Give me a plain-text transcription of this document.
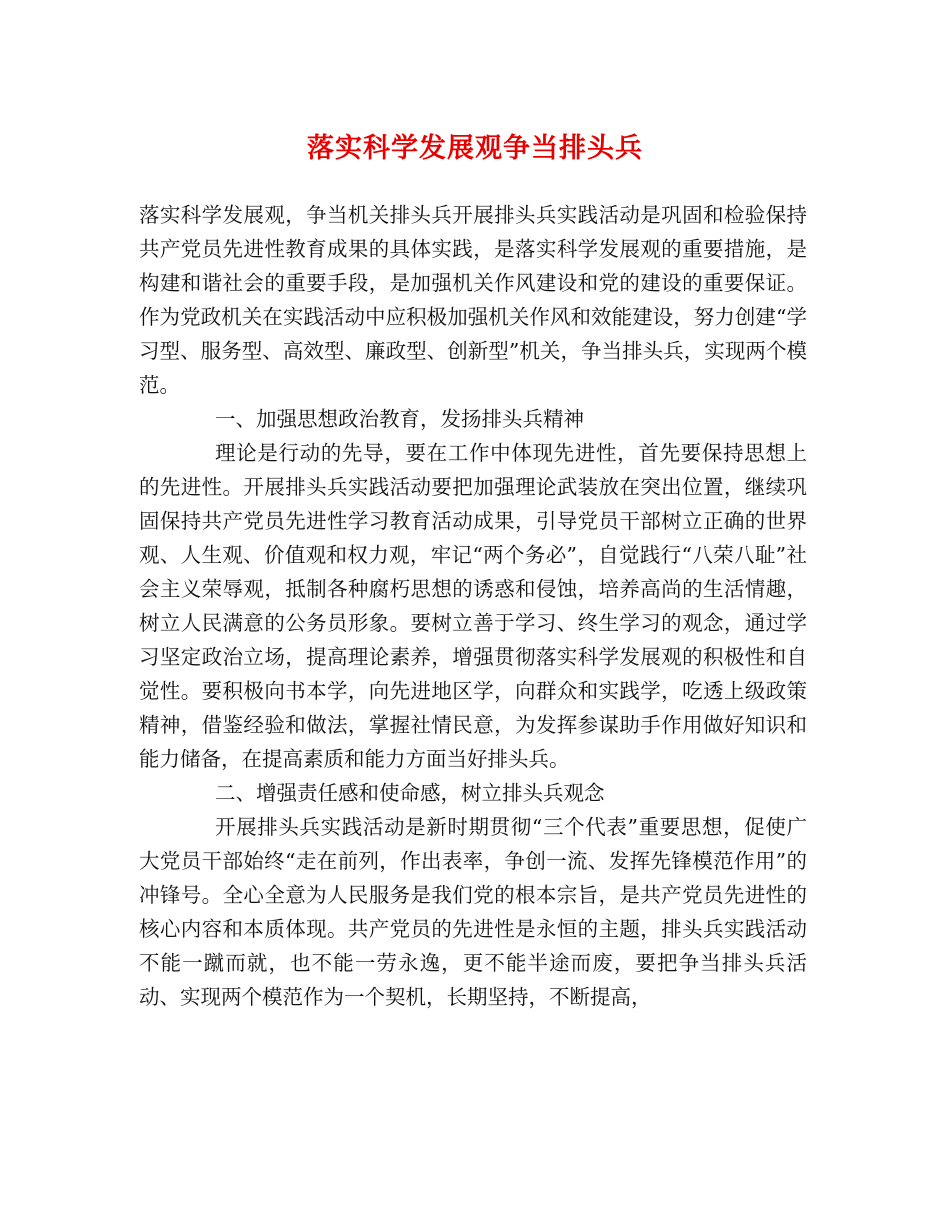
落实科学发展观争当排头兵

落实科学发展观，争当机关排头兵开展排头兵实践活动是巩固和检验保持共产党员先进性教育成果的具体实践，是落实科学发展观的重要措施，是构建和谐社会的重要手段，是加强机关作风建设和党的建设的重要保证。作为党政机关在实践活动中应积极加强机关作风和效能建设，努力创建“学习型、服务型、高效型、廉政型、创新型”机关，争当排头兵，实现两个模范。

一、加强思想政治教育，发扬排头兵精神

理论是行动的先导，要在工作中体现先进性，首先要保持思想上的先进性。开展排头兵实践活动要把加强理论武装放在突出位置，继续巩固保持共产党员先进性学习教育活动成果，引导党员干部树立正确的世界观、人生观、价值观和权力观，牢记“两个务必”，自觉践行“八荣八耻”社会主义荣辱观，抵制各种腐朽思想的诱惑和侵蚀，培养高尚的生活情趣，树立人民满意的公务员形象。要树立善于学习、终生学习的观念，通过学习坚定政治立场，提高理论素养，增强贯彻落实科学发展观的积极性和自觉性。要积极向书本学，向先进地区学，向群众和实践学，吃透上级政策精神，借鉴经验和做法，掌握社情民意，为发挥参谋助手作用做好知识和能力储备，在提高素质和能力方面当好排头兵。

二、增强责任感和使命感，树立排头兵观念

开展排头兵实践活动是新时期贯彻“三个代表”重要思想，促使广大党员干部始终“走在前列，作出表率，争创一流、发挥先锋模范作用”的冲锋号。全心全意为人民服务是我们党的根本宗旨，是共产党员先进性的核心内容和本质体现。共产党员的先进性是永恒的主题，排头兵实践活动不能一蹴而就，也不能一劳永逸，更不能半途而废，要把争当排头兵活动、实现两个模范作为一个契机，长期坚持，不断提高，
